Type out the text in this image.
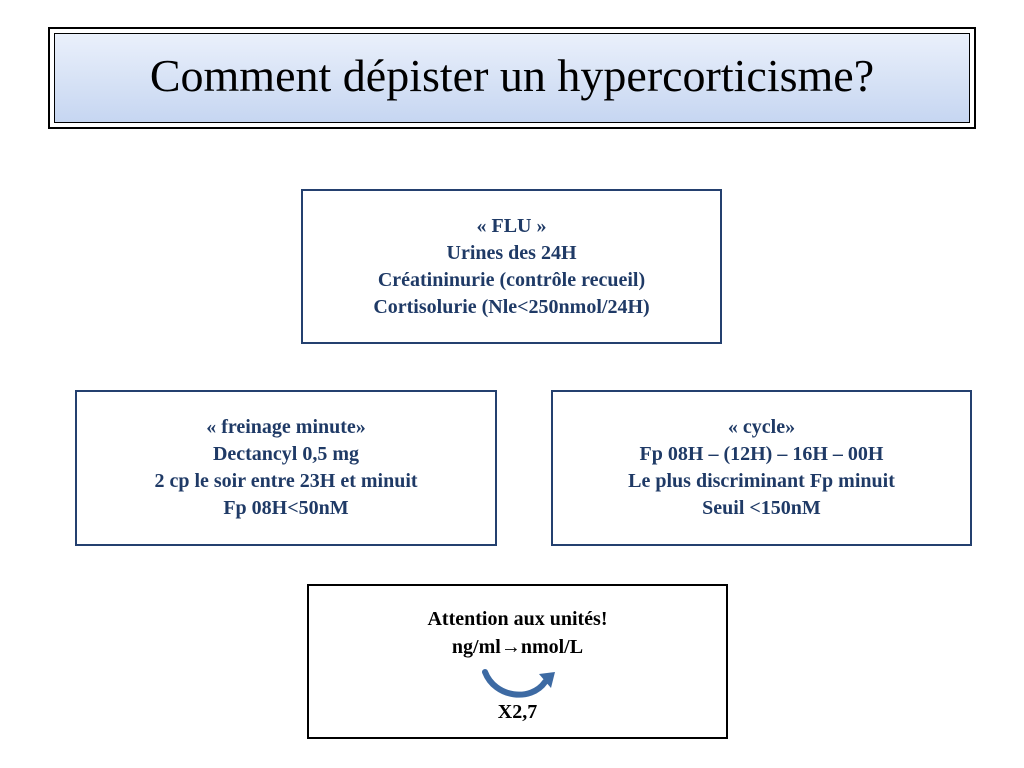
Comment dépister un hypercorticisme?
« FLU »
Urines des 24H
Créatininurie (contrôle recueil)
Cortisolurie (Nle<250nmol/24H)
« freinage minute»
Dectancyl 0,5 mg
2 cp le soir entre 23H et minuit
Fp 08H<50nM
« cycle»
Fp 08H – (12H) – 16H – 00H
Le plus discriminant Fp minuit
Seuil <150nM
Attention aux unités!
ng/ml→nmol/L
X2,7
